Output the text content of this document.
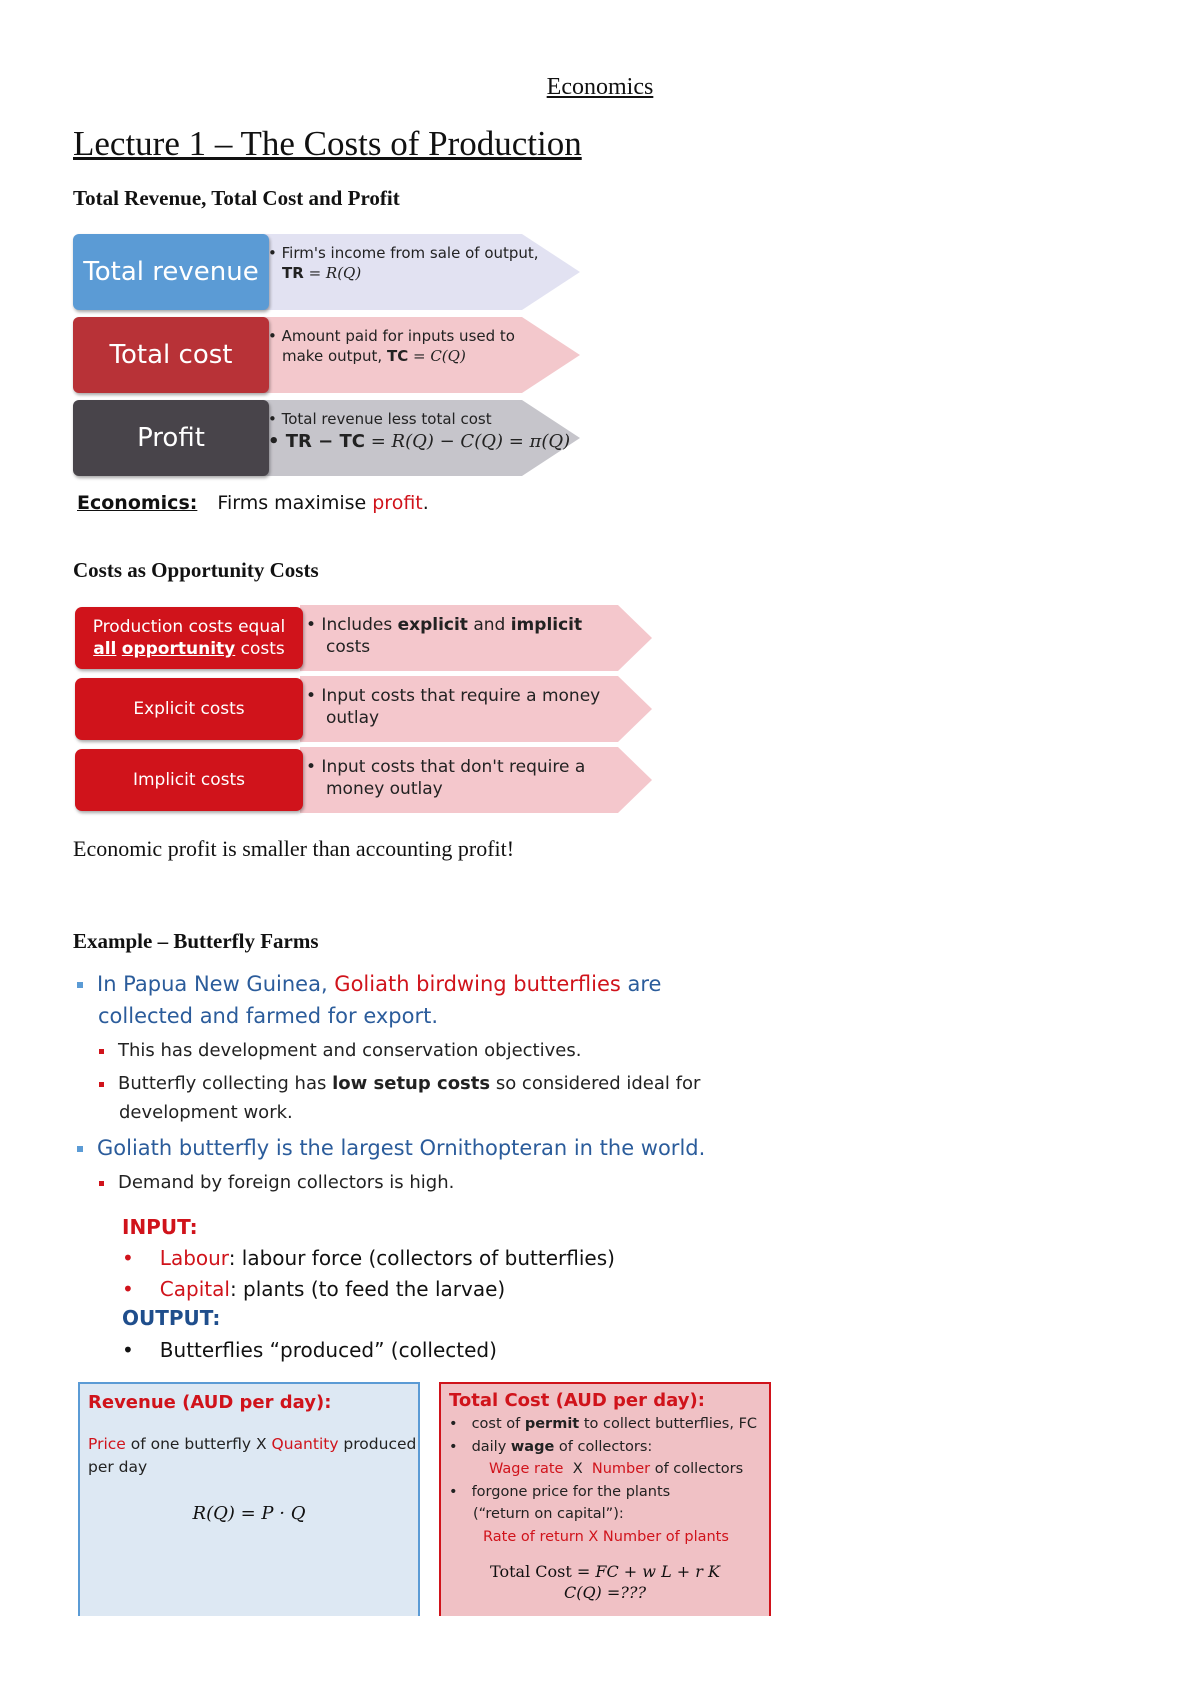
Economics
Lecture 1 – The Costs of Production
Total Revenue, Total Cost and Profit
Total revenue
• Firm's income from sale of output,
TR = R(Q)
Total cost
• Amount paid for inputs used to
make output, TC = C(Q)
Profit
• Total revenue less total cost
• TR − TC = R(Q) − C(Q) = π(Q)
Economics: Firms maximise profit.
Costs as Opportunity Costs
Production costs equal
all opportunity costs
• Includes explicit and implicit
costs
Explicit costs
• Input costs that require a money
outlay
Implicit costs
• Input costs that don't require a
money outlay
Economic profit is smaller than accounting profit!
Example – Butterfly Farms
In Papua New Guinea, Goliath birdwing butterflies are
collected and farmed for export.
This has development and conservation objectives.
Butterfly collecting has low setup costs so considered ideal for
development work.
Goliath butterfly is the largest Ornithopteran in the world.
Demand by foreign collectors is high.
INPUT:
• Labour: labour force (collectors of butterflies)
• Capital: plants (to feed the larvae)
OUTPUT:
• Butterflies “produced” (collected)
Revenue (AUD per day):
Price of one butterfly X Quantity produced
per day
R(Q) = P · Q
Total Cost (AUD per day):
• cost of permit to collect butterflies, FC
• daily wage of collectors:
Wage rate  X  Number of collectors
• forgone price for the plants
(“return on capital”):
Rate of return X Number of plants
Total Cost = FC + w L + r K
C(Q) =???
